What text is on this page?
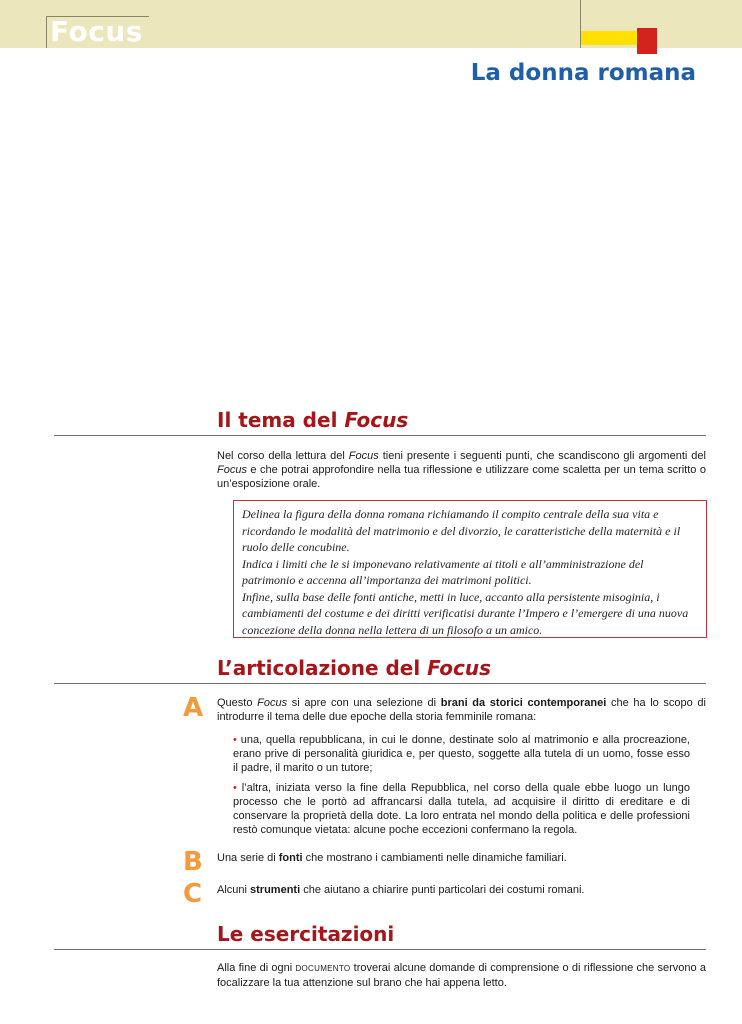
Focus
La donna romana
Il tema del Focus

Nel corso della lettura del Focus tieni presente i seguenti punti, che scandiscono gli argomenti del Focus e che potrai approfondire nella tua riflessione e utilizzare come scaletta per un tema scritto o un’esposizione orale.

Delinea la figura della donna romana richiamando il compito centrale della sua vita e ricordando le modalità del matrimonio e del divorzio, le caratteristiche della maternità e il ruolo delle concubine.
Indica i limiti che le si imponevano relativamente ai titoli e all’amministrazione del patrimonio e accenna all’importanza dei matrimoni politici.
Infine, sulla base delle fonti antiche, metti in luce, accanto alla persistente misoginia, i cambiamenti del costume e dei diritti verificatisi durante l’Impero e l’emergere di una nuova concezione della donna nella lettera di un filosofo a un amico.
L’articolazione del Focus
A Questo Focus si apre con una selezione di brani da storici contemporanei che ha lo scopo di introdurre il tema delle due epoche della storia femminile romana:

• una, quella repubblicana, in cui le donne, destinate solo al matrimonio e alla procreazione, erano prive di personalità giuridica e, per questo, soggette alla tutela di un uomo, fosse esso il padre, il marito o un tutore;

• l’altra, iniziata verso la fine della Repubblica, nel corso della quale ebbe luogo un lungo processo che le portò ad affrancarsi dalla tutela, ad acquisire il diritto di ereditare e di conservare la proprietà della dote. La loro entrata nel mondo della politica e delle professioni restò comunque vietata: alcune poche eccezioni confermano la regola.

B Una serie di fonti che mostrano i cambiamenti nelle dinamiche familiari.

C Alcuni strumenti che aiutano a chiarire punti particolari dei costumi romani.

Le esercitazioni

Alla fine di ogni DOCUMENTO troverai alcune domande di comprensione o di riflessione che servono a focalizzare la tua attenzione sul brano che hai appena letto.
